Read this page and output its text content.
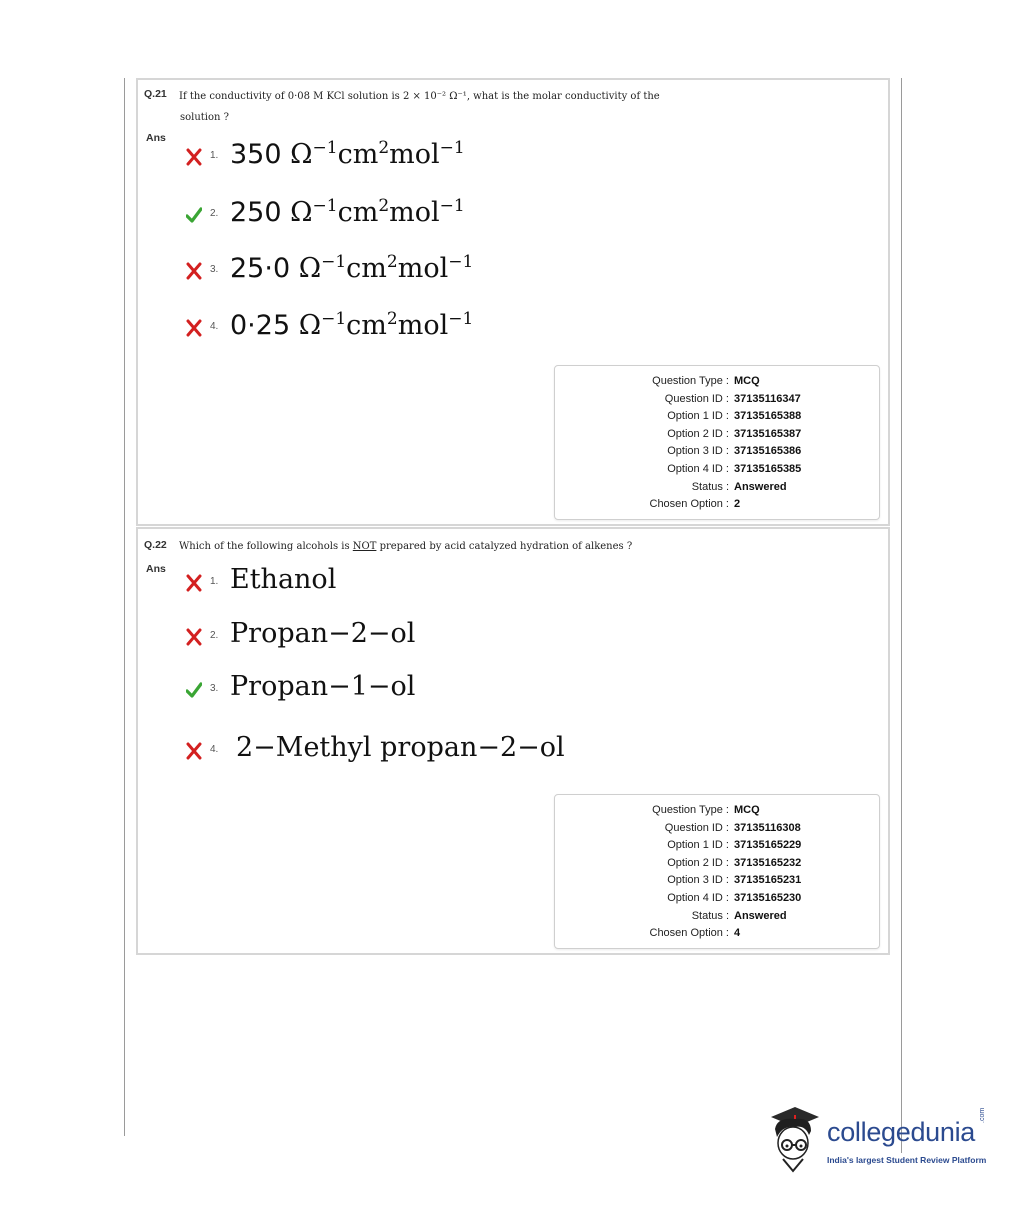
Q.21 If the conductivity of 0·08 M KCl solution is 2 × 10⁻² Ω⁻¹, what is the molar conductivity of the
solution ?
Ans
1. 350 $\Omega^{-1}cm^2mol^{-1}$
2. 250 $\Omega^{-1}cm^2mol^{-1}$
3. 25·0 $\Omega^{-1}cm^2mol^{-1}$
4. 0·25 $\Omega^{-1}cm^2mol^{-1}$
Question Type : MCQ
Question ID : 37135116347
Option 1 ID : 37135165388
Option 2 ID : 37135165387
Option 3 ID : 37135165386
Option 4 ID : 37135165385
Status : Answered
Chosen Option : 2
Q.22 Which of the following alcohols is NOT prepared by acid catalyzed hydration of alkenes ?
Ans
1. Ethanol
2. Propan−2−ol
3. Propan−1−ol
4. 2−Methyl propan−2−ol
Question Type : MCQ
Question ID : 37135116308
Option 1 ID : 37135165229
Option 2 ID : 37135165232
Option 3 ID : 37135165231
Option 4 ID : 37135165230
Status : Answered
Chosen Option : 4
collegedunia
.com
India's largest Student Review Platform
